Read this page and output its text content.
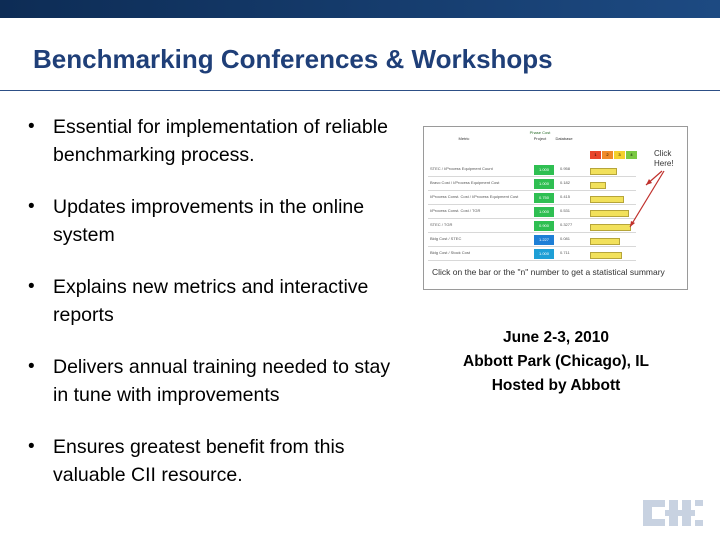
Benchmarking Conferences & Workshops
• Essential for implementation of reliable benchmarking process.
• Updates improvements in the online system
• Explains new metrics and interactive reports
• Delivers annual training needed to stay in tune with improvements
• Ensures greatest benefit from this valuable CII resource.
Phase Cost
Project	Database
Metric
1	2	3	4
STEC / I/Process Equipment Count	1.000	0.958
Bravo Cost / I/Process Equipment Cost	1.000	0.182
I/Process Const. Cost / I/Process Equipment Cost	0.750	0.415
I/Process Const. Cost / TGR	1.000	0.531
STEC / TGR	0.900	0.3277
Bldg Cost / STEC	1.227	0.081
Bldg Cost / Stock Cost	1.000	0.711
Click Here!
Click on the bar or the "n" number to get a statistical summary
June 2-3, 2010
Abbott Park (Chicago), IL
Hosted by Abbott
